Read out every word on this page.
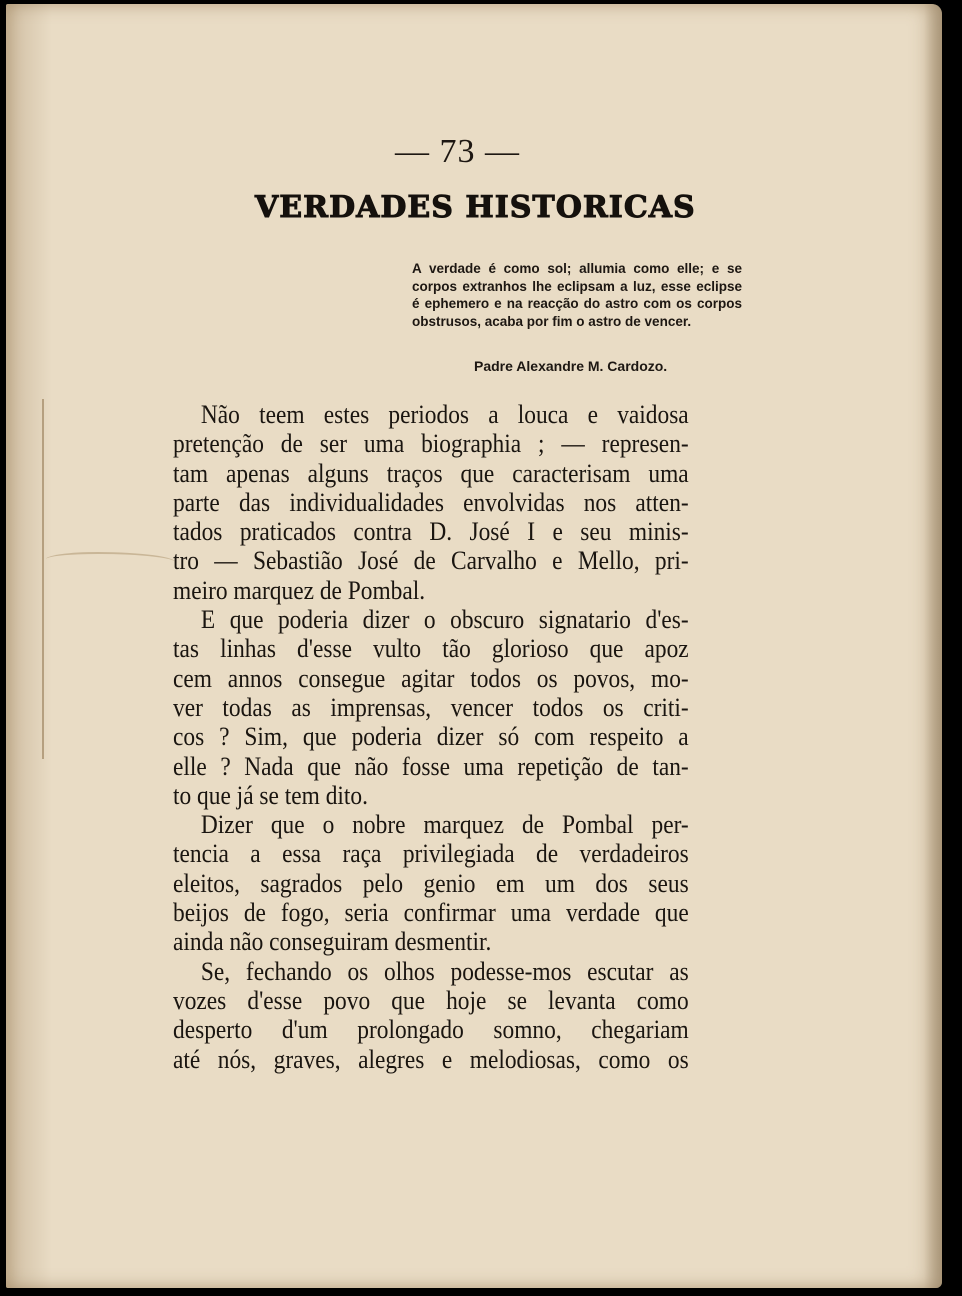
— 73 —
VERDADES HISTORICAS
A verdade é como sol; allumia como elle; e se corpos extranhos lhe eclipsam a luz, esse eclipse é ephemero e na reacção do astro com os corpos obstrusos, acaba por fim o astro de vencer.
Padre Alexandre M. Cardozo.

Não teem estes periodos a louca e vaidosa
pretenção de ser uma biographia ; — represen-
tam apenas alguns traços que caracterisam uma
parte das individualidades envolvidas nos atten-
tados praticados contra D. José I e seu minis-
tro — Sebastião José de Carvalho e Mello, pri-
meiro marquez de Pombal.

E que poderia dizer o obscuro signatario d'es-
tas linhas d'esse vulto tão glorioso que apoz
cem annos consegue agitar todos os povos, mo-
ver todas as imprensas, vencer todos os criti-
cos ? Sim, que poderia dizer só com respeito a
elle ? Nada que não fosse uma repetição de tan-
to que já se tem dito.

Dizer que o nobre marquez de Pombal per-
tencia a essa raça privilegiada de verdadeiros
eleitos, sagrados pelo genio em um dos seus
beijos de fogo, seria confirmar uma verdade que
ainda não conseguiram desmentir.

Se, fechando os olhos podesse-mos escutar as
vozes d'esse povo que hoje se levanta como
desperto d'um prolongado somno, chegariam
até nós, graves, alegres e melodiosas, como os
